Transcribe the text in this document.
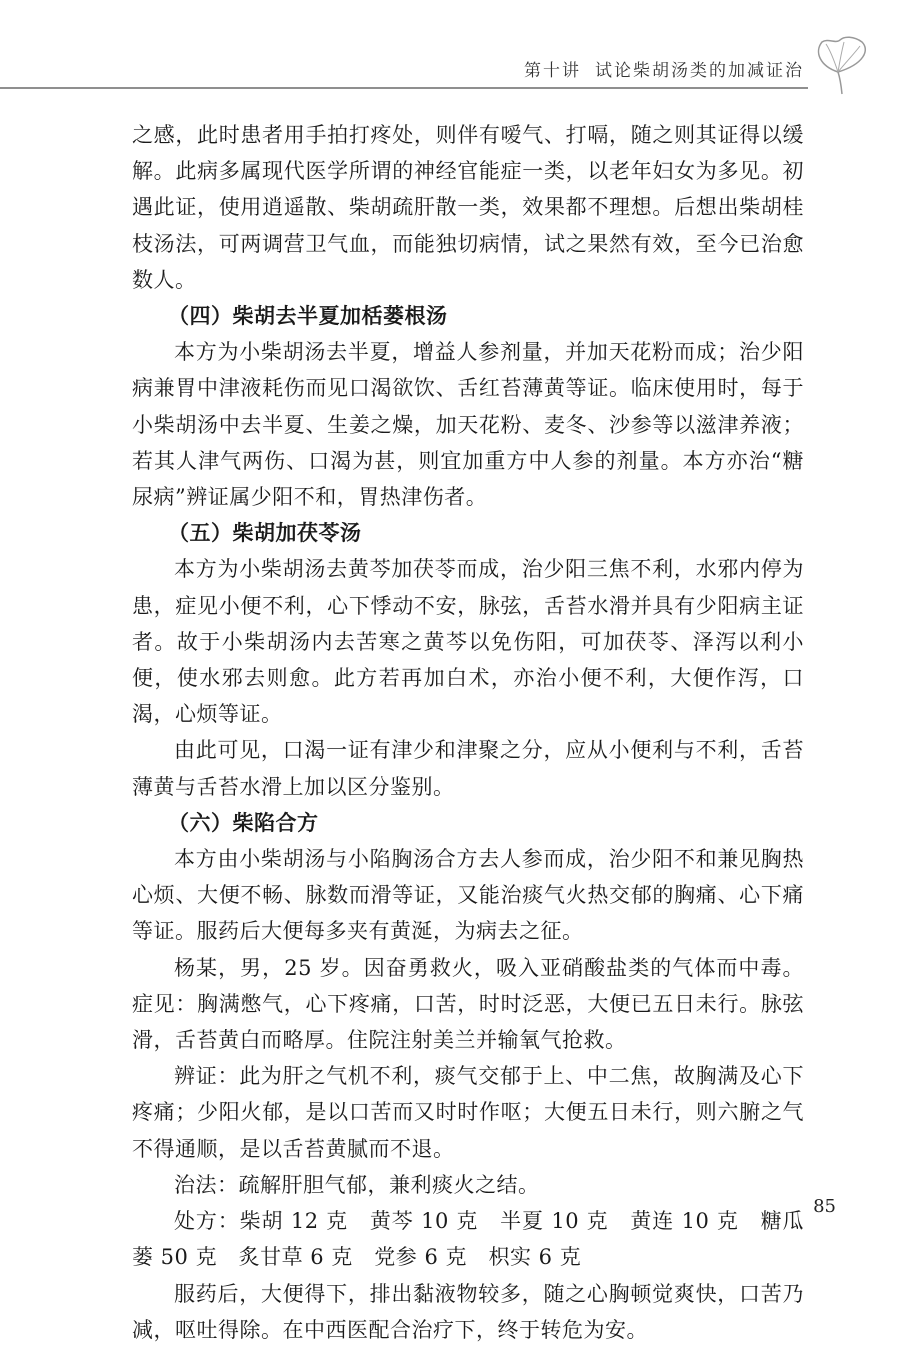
第十讲 试论柴胡汤类的加减证治

之感，此时患者用手拍打疼处，则伴有嗳气、打嗝，随之则其证得以缓解。此病多属现代医学所谓的神经官能症一类，以老年妇女为多见。初遇此证，使用逍遥散、柴胡疏肝散一类，效果都不理想。后想出柴胡桂枝汤法，可两调营卫气血，而能独切病情，试之果然有效，至今已治愈数人。

（四）柴胡去半夏加栝蒌根汤

本方为小柴胡汤去半夏，增益人参剂量，并加天花粉而成；治少阳病兼胃中津液耗伤而见口渴欲饮、舌红苔薄黄等证。临床使用时，每于小柴胡汤中去半夏、生姜之燥，加天花粉、麦冬、沙参等以滋津养液；若其人津气两伤、口渴为甚，则宜加重方中人参的剂量。本方亦治“糖尿病”辨证属少阳不和，胃热津伤者。

（五）柴胡加茯苓汤

本方为小柴胡汤去黄芩加茯苓而成，治少阳三焦不利，水邪内停为患，症见小便不利，心下悸动不安，脉弦，舌苔水滑并具有少阳病主证者。故于小柴胡汤内去苦寒之黄芩以免伤阳，可加茯苓、泽泻以利小便，使水邪去则愈。此方若再加白术，亦治小便不利，大便作泻，口渴，心烦等证。

由此可见，口渴一证有津少和津聚之分，应从小便利与不利，舌苔薄黄与舌苔水滑上加以区分鉴别。

（六）柴陷合方

本方由小柴胡汤与小陷胸汤合方去人参而成，治少阳不和兼见胸热心烦、大便不畅、脉数而滑等证，又能治痰气火热交郁的胸痛、心下痛等证。服药后大便每多夹有黄涎，为病去之征。

杨某，男，25 岁。因奋勇救火，吸入亚硝酸盐类的气体而中毒。症见：胸满憋气，心下疼痛，口苦，时时泛恶，大便已五日未行。脉弦滑，舌苔黄白而略厚。住院注射美兰并输氧气抢救。

辨证：此为肝之气机不利，痰气交郁于上、中二焦，故胸满及心下疼痛；少阳火郁，是以口苦而又时时作呕；大便五日未行，则六腑之气不得通顺，是以舌苔黄腻而不退。

治法：疏解肝胆气郁，兼利痰火之结。

处方：柴胡 12 克　黄芩 10 克　半夏 10 克　黄连 10 克　糖瓜蒌 50 克　炙甘草 6 克　党参 6 克　枳实 6 克

服药后，大便得下，排出黏液物较多，随之心胸顿觉爽快，口苦乃减，呕吐得除。在中西医配合治疗下，终于转危为安。

85
